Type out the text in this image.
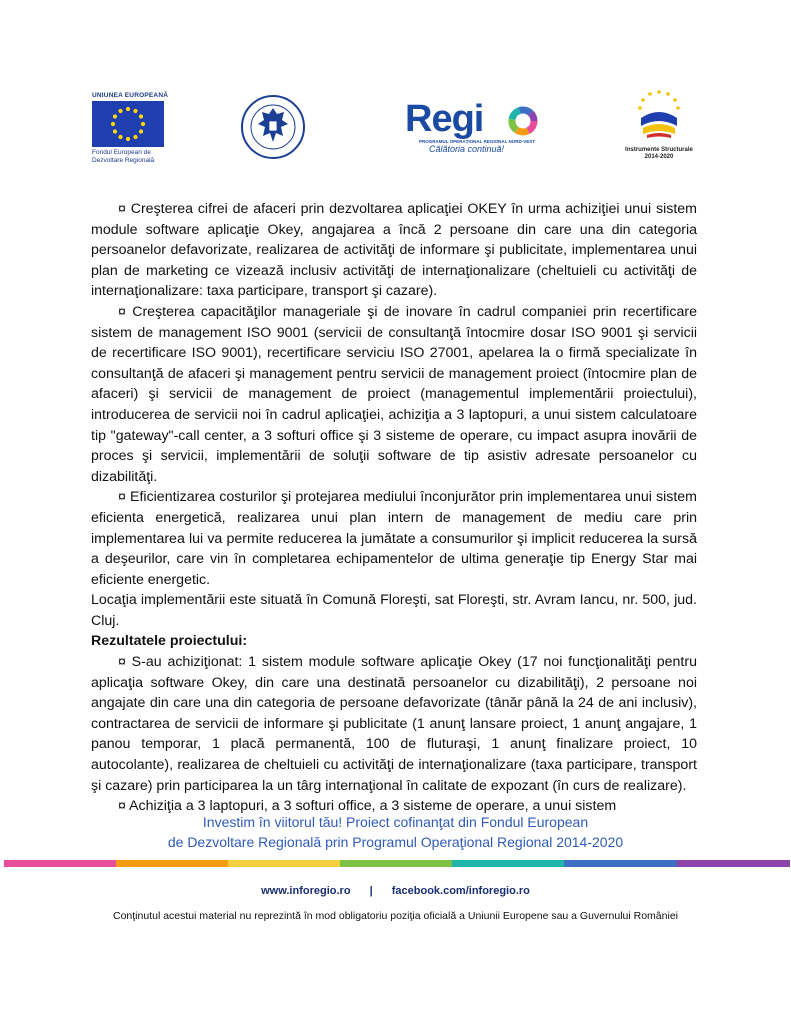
UNIUNEA EUROPEANĂ
Fondul European de
Dezvoltare Regională
Regi
PROGRAMUL OPERAȚIONAL REGIONAL NORD-VEST
Călătoria continuă!	Instrumente Structurale
2014-2020

¤ Creşterea cifrei de afaceri prin dezvoltarea aplicaţiei OKEY în urma achiziţiei unui sistem module software aplicaţie Okey, angajarea a încă 2 persoane din care una din categoria persoanelor defavorizate, realizarea de activităţi de informare şi publicitate, implementarea unui plan de marketing ce vizează inclusiv activităţi de internaţionalizare (cheltuieli cu activităţi de internaţionalizare: taxa participare, transport şi cazare).

¤ Creşterea capacităţilor manageriale şi de inovare în cadrul companiei prin recertificare sistem de management ISO 9001 (servicii de consultanţă întocmire dosar ISO 9001 şi servicii de recertificare ISO 9001), recertificare serviciu ISO 27001, apelarea la o firmă specializate în consultanţă de afaceri şi management pentru servicii de management proiect (întocmire plan de afaceri) şi servicii de management de proiect (managementul implementării proiectului), introducerea de servicii noi în cadrul aplicaţiei, achiziţia a 3 laptopuri, a unui sistem calculatoare tip "gateway"-call center, a 3 softuri office şi 3 sisteme de operare, cu impact asupra inovării de proces şi servicii, implementării de soluţii software de tip asistiv adresate persoanelor cu dizabilităţi.

¤ Eficientizarea costurilor şi protejarea mediului înconjurător prin implementarea unui sistem eficienta energetică, realizarea unui plan intern de management de mediu care prin implementarea lui va permite reducerea la jumătate a consumurilor şi implicit reducerea la sursă a deşeurilor, care vin în completarea echipamentelor de ultima generaţie tip Energy Star mai eficiente energetic.

Locaţia implementării este situată în Comună Floreşti, sat Floreşti, str. Avram Iancu, nr. 500, jud. Cluj.

Rezultatele proiectului:

¤ S-au achiziţionat: 1 sistem module software aplicaţie Okey (17 noi funcţionalităţi pentru aplicaţia software Okey, din care una destinată persoanelor cu dizabilităţi), 2 persoane noi angajate din care una din categoria de persoane defavorizate (tânăr până la 24 de ani inclusiv), contractarea de servicii de informare şi publicitate (1 anunţ lansare proiect, 1 anunţ angajare, 1 panou temporar, 1 placă permanentă, 100 de fluturaşi, 1 anunţ finalizare proiect, 10 autocolante), realizarea de cheltuieli cu activităţi de internaţionalizare (taxa participare, transport şi cazare) prin participarea la un târg internaţional în calitate de expozant (în curs de realizare).

¤ Achiziţia a 3 laptopuri, a 3 softuri office, a 3 sisteme de operare, a unui sistem

Investim în viitorul tău! Proiect cofinanţat din Fondul European
de Dezvoltare Regională prin Programul Operaţional Regional 2014-2020
www.inforegio.ro | facebook.com/inforegio.ro
Conţinutul acestui material nu reprezintă în mod obligatoriu poziţia oficială a Uniunii Europene sau a Guvernului României
